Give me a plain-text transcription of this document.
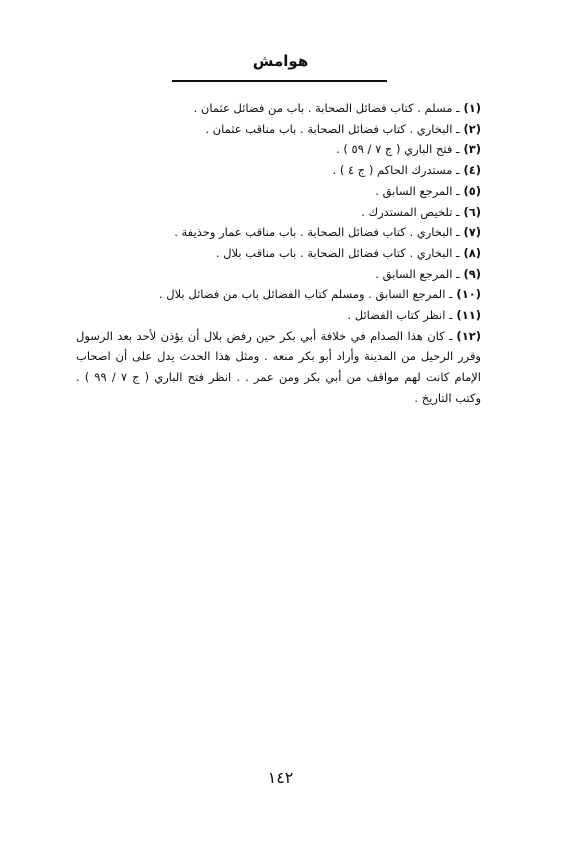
هوامش
(١)ـ مسلم . كتاب فضائل الصحابة . باب من فضائل عثمان .
(٢)ـ البخاري . كتاب فضائل الصحابة . باب مناقب عثمان .
(٣)ـ فتح الباري ( ج ٧ / ٥٩ ) .
(٤)ـ مستدرك الحاكم ( ج ٤ ) .
(٥)ـ المرجع السابق .
(٦)ـ تلخيص المستدرك .
(٧)ـ البخاري . كتاب فضائل الصحابة . باب مناقب عمار وحذيفة .
(٨)ـ البخاري . كتاب فضائل الصحابة . باب مناقب بلال .
(٩)ـ المرجع السابق .
(١٠)ـ المرجع السابق . ومسلم كتاب الفضائل باب من فضائل بلال .
(١١)ـ انظر كتاب الفضائل .
(١٢)ـ كان هذا الصدام في خلافة أبي بكر حين رفض بلال أن يؤذن لأحد بعد الرسول وقرر الرحيل من المدينة وأراد أبو بكر منعه . ومثل هذا الحدث يدل على أن اصحاب الإمام كانت لهم مواقف من أبي بكر ومن عمر . . انظر فتح الباري ( ج ٧ / ٩٩ ) . وكتب التاريخ .
١٤٢
